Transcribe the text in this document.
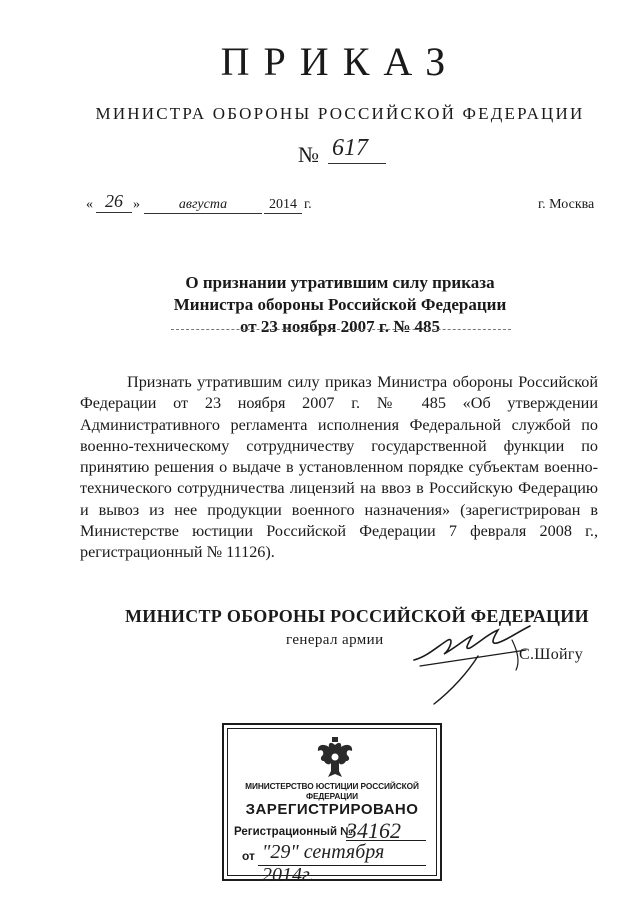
ПРИКАЗ
МИНИСТРА ОБОРОНЫ РОССИЙСКОЙ ФЕДЕРАЦИИ
№ 617
« 26 »	августа	2014 г.	г. Москва
О признании утратившим силу приказа
Министра обороны Российской Федерации
от 23 ноября 2007 г. № 485
Признать утратившим силу приказ Министра обороны Российской Федерации от 23 ноября 2007 г. № 485 «Об утверждении Административного регламента исполнения Федеральной службой по военно-техническому сотрудничеству государственной функции по принятию решения о выдаче в установленном порядке субъектам военно-технического сотрудничества лицензий на ввоз в Российскую Федерацию и вывоз из нее продукции военного назначения» (зарегистрирован в Министерстве юстиции Российской Федерации 7 февраля 2008 г., регистрационный № 11126).
МИНИСТР ОБОРОНЫ РОССИЙСКОЙ ФЕДЕРАЦИИ
генерал армии
С.Шойгу
МИНИСТЕРСТВО ЮСТИЦИИ РОССИЙСКОЙ ФЕДЕРАЦИИ
ЗАРЕГИСТРИРОВАНО
Регистрационный №
34162
от "29" сентября 2014г.
